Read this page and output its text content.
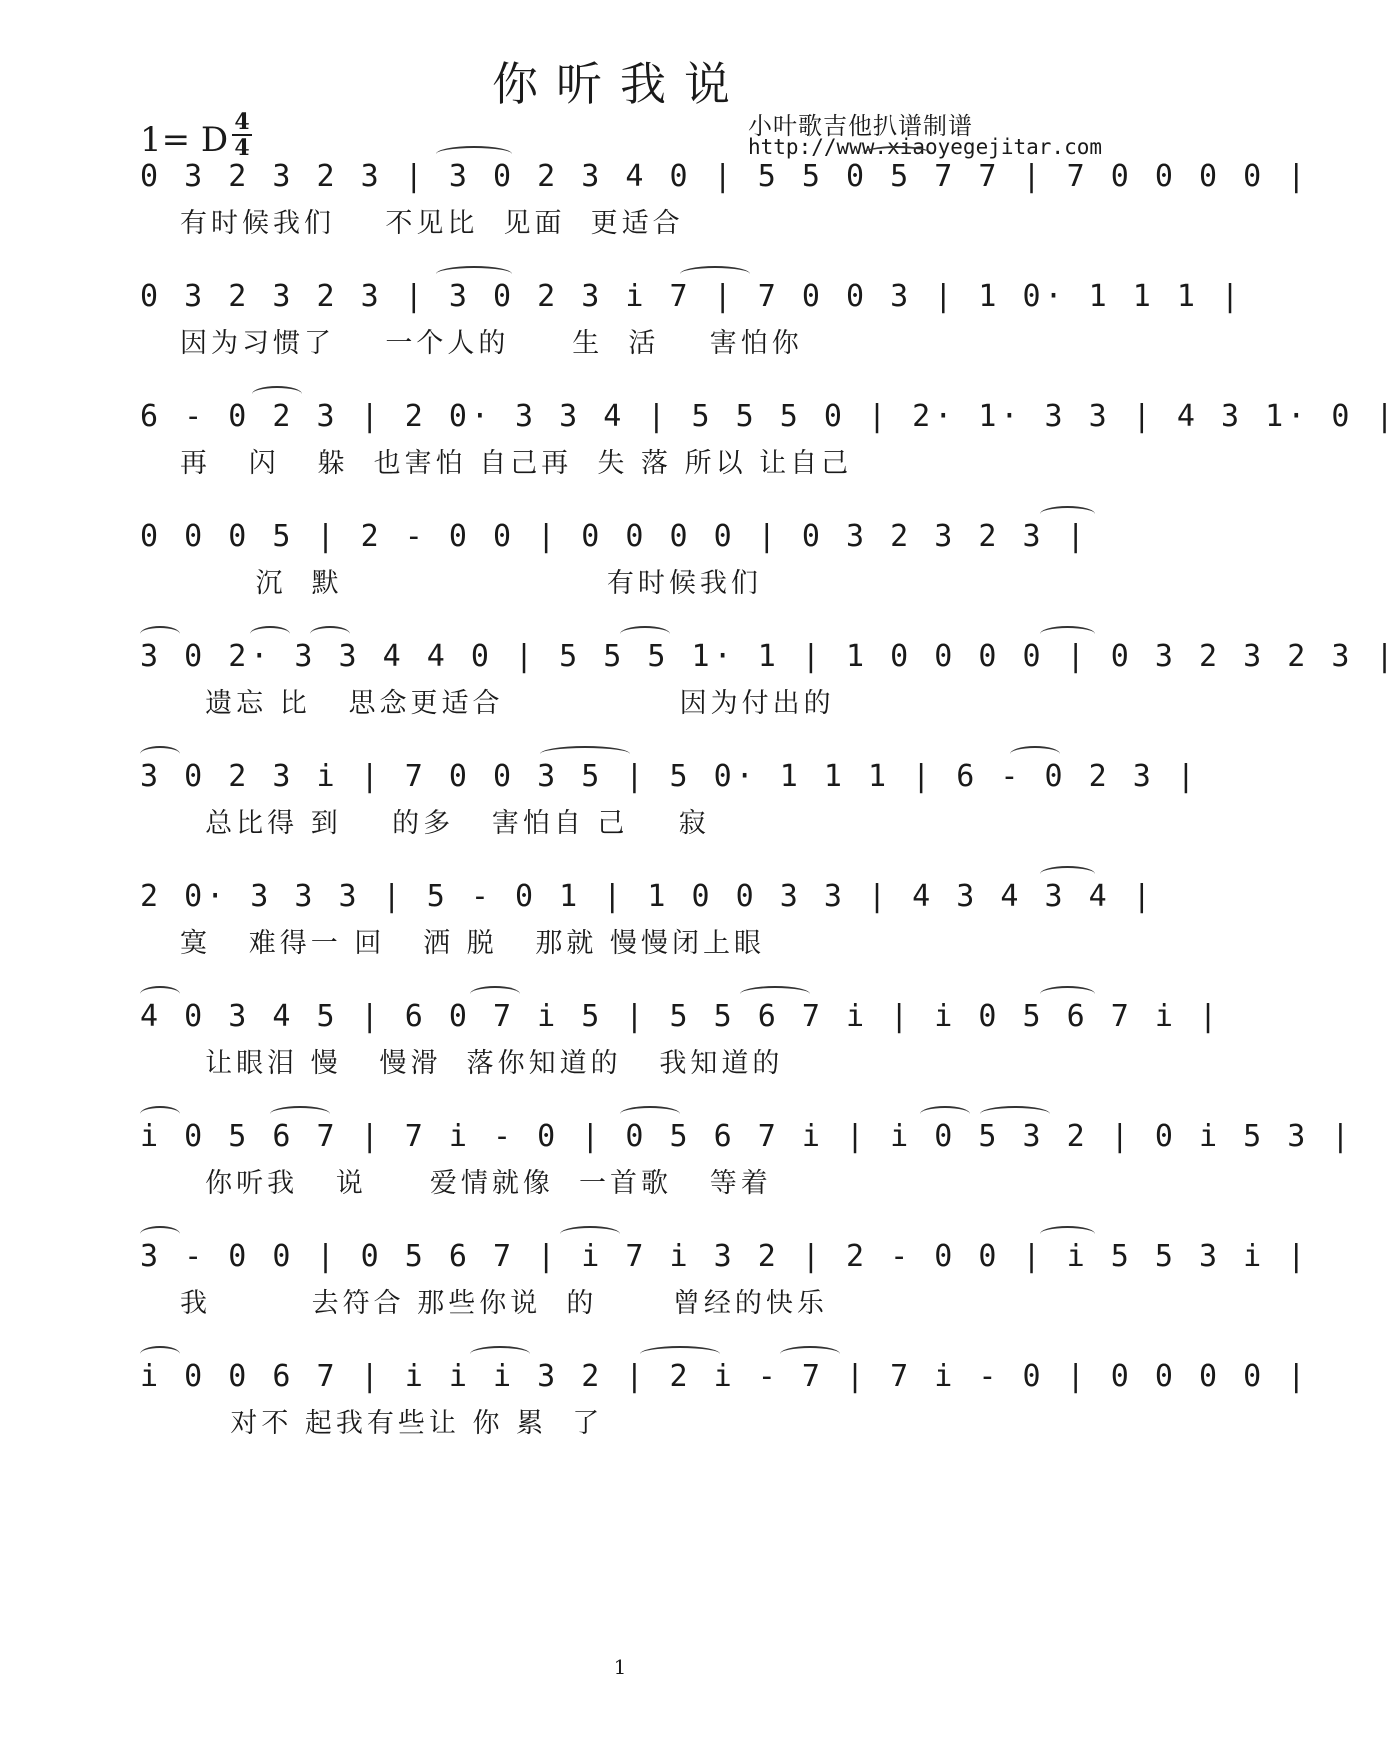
你听我说
1= D 4
4
小叶歌吉他扒谱制谱
http://www.xiaoyegejitar.com
0 3 2 3 2 3 | 3 0 2 3 4 0 | 5 5 0 5 7 7 | 7 0 0 0 0 |
有时候我们    不见比  见面  更适合
0 3 2 3 2 3 | 3 0 2 3 i 7 | 7 0 0 3 | 1 0· 1 1 1 |
因为习惯了    一个人的     生  活    害怕你
6 - 0 2 3 | 2 0· 3 3 4 | 5 5 5 0 | 2· 1· 3 3 | 4 3 1· 0 |
再   闪   躲  也害怕 自己再  失 落 所以 让自己
0 0 0 5 | 2 - 0 0 | 0 0 0 0 | 0 3 2 3 2 3 |
沉  默                     有时候我们
3 0 2· 3 3 4 4 0 | 5 5 5 1· 1 | 1 0 0 0 0 | 0 3 2 3 2 3 |
遗忘 比   思念更适合              因为付出的
3 0 2 3 i | 7 0 0 3 5 | 5 0· 1 1 1 | 6 - 0 2 3 |
总比得 到    的多   害怕自 己    寂
2 0· 3 3 3 | 5 - 0 1 | 1 0 0 3 3 | 4 3 4 3 4 |
寞   难得一 回   洒 脱   那就 慢慢闭上眼
4 0 3 4 5 | 6 0 7 i 5 | 5 5 6 7 i | i 0 5 6 7 i |
让眼泪 慢   慢滑  落你知道的   我知道的
i 0 5 6 7 | 7 i - 0 | 0 5 6 7 i | i 0 5 3 2 | 0 i 5 3 |
你听我   说     爱情就像  一首歌   等着
3 - 0 0 | 0 5 6 7 | i 7 i 3 2 | 2 - 0 0 | i 5 5 3 i |
我        去符合 那些你说  的      曾经的快乐
i 0 0 6 7 | i i i 3 2 | 2 i - 7 | 7 i - 0 | 0 0 0 0 |
对不 起我有些让 你 累  了
1
